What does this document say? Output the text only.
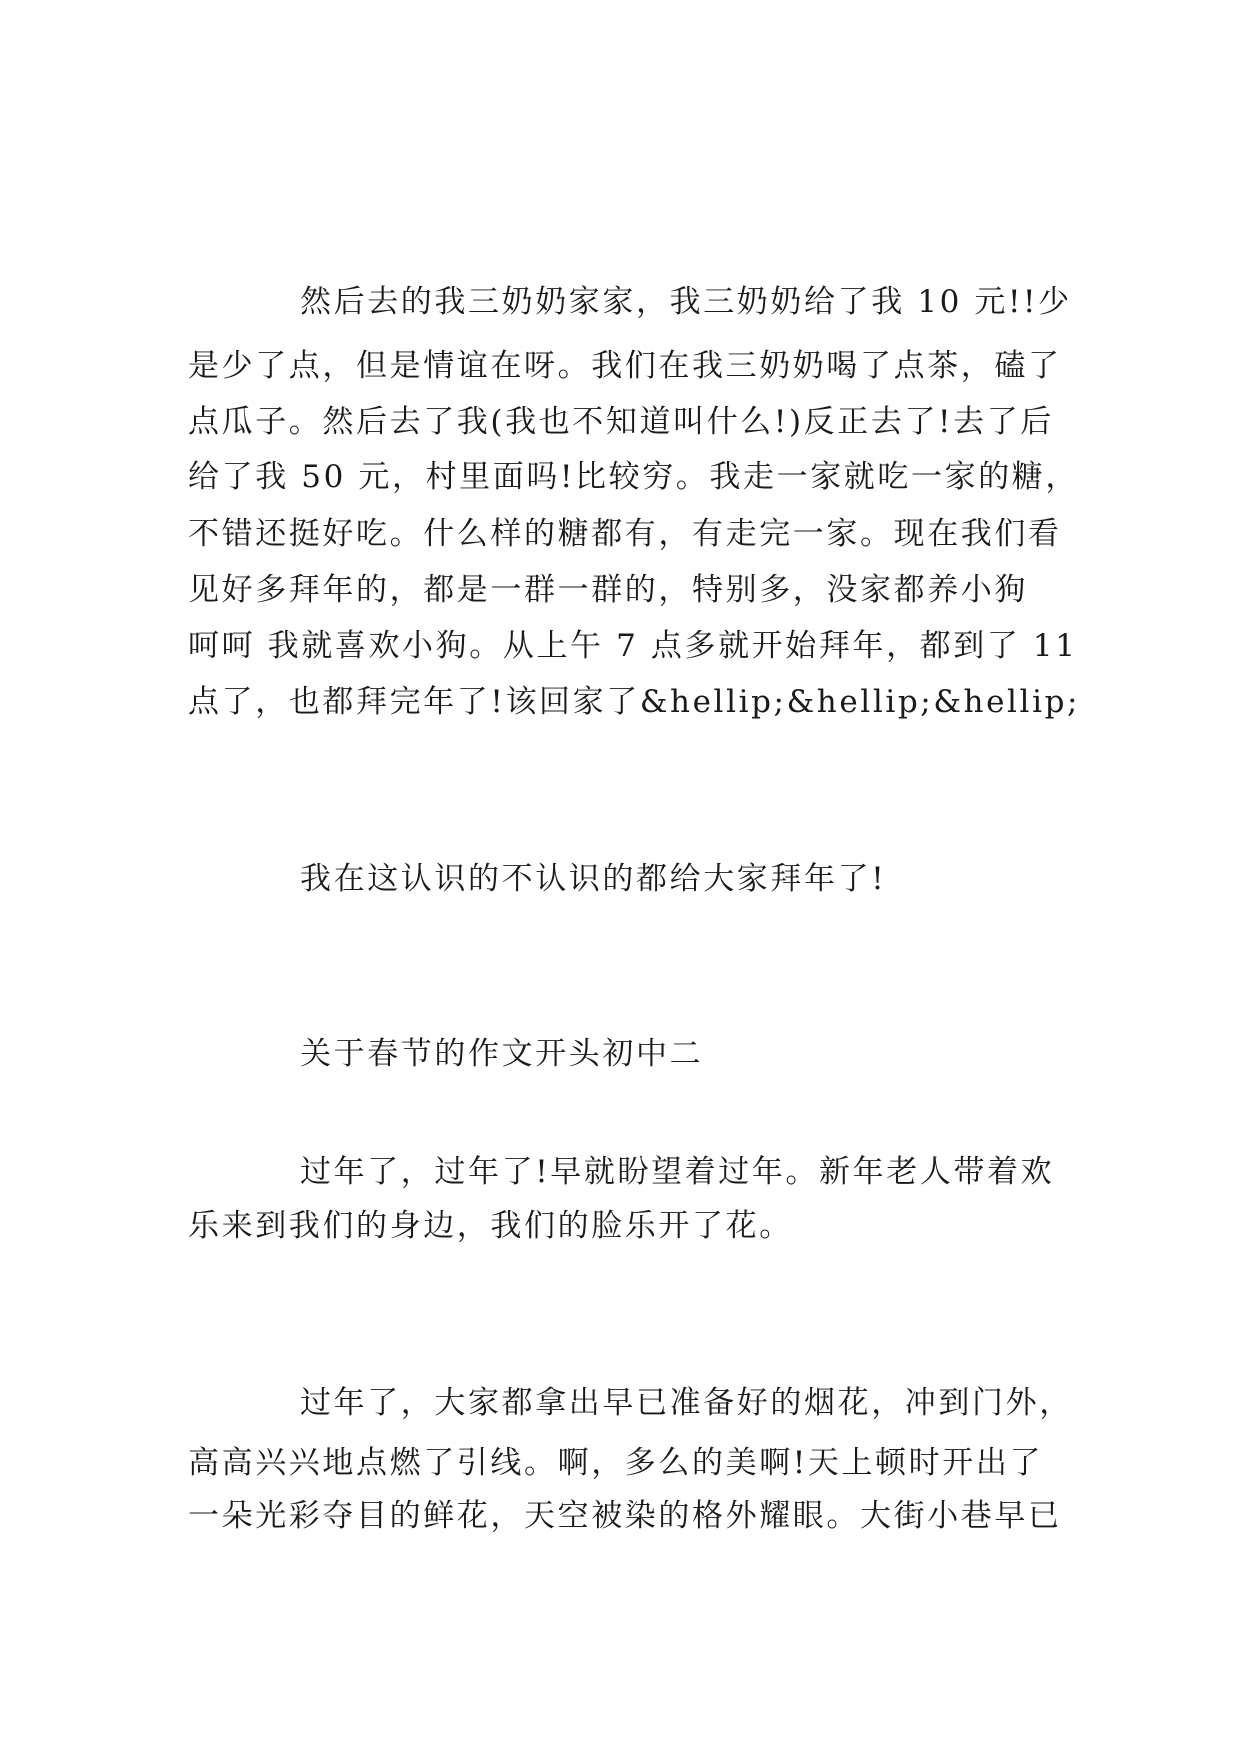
然后去的我三奶奶家家，我三奶奶给了我 10 元!!少
是少了点，但是情谊在呀。我们在我三奶奶喝了点茶，磕了
点瓜子。然后去了我(我也不知道叫什么!)反正去了!去了后
给了我 50 元，村里面吗!比较穷。我走一家就吃一家的糖，
不错还挺好吃。什么样的糖都有，有走完一家。现在我们看
见好多拜年的，都是一群一群的，特别多，没家都养小狗
呵呵 我就喜欢小狗。从上午 7 点多就开始拜年，都到了 11
点了，也都拜完年了!该回家了&hellip;&hellip;&hellip;
我在这认识的不认识的都给大家拜年了!
关于春节的作文开头初中二
过年了，过年了!早就盼望着过年。新年老人带着欢
乐来到我们的身边，我们的脸乐开了花。
过年了，大家都拿出早已准备好的烟花，冲到门外，
高高兴兴地点燃了引线。啊，多么的美啊!天上顿时开出了
一朵光彩夺目的鲜花，天空被染的格外耀眼。大街小巷早已
